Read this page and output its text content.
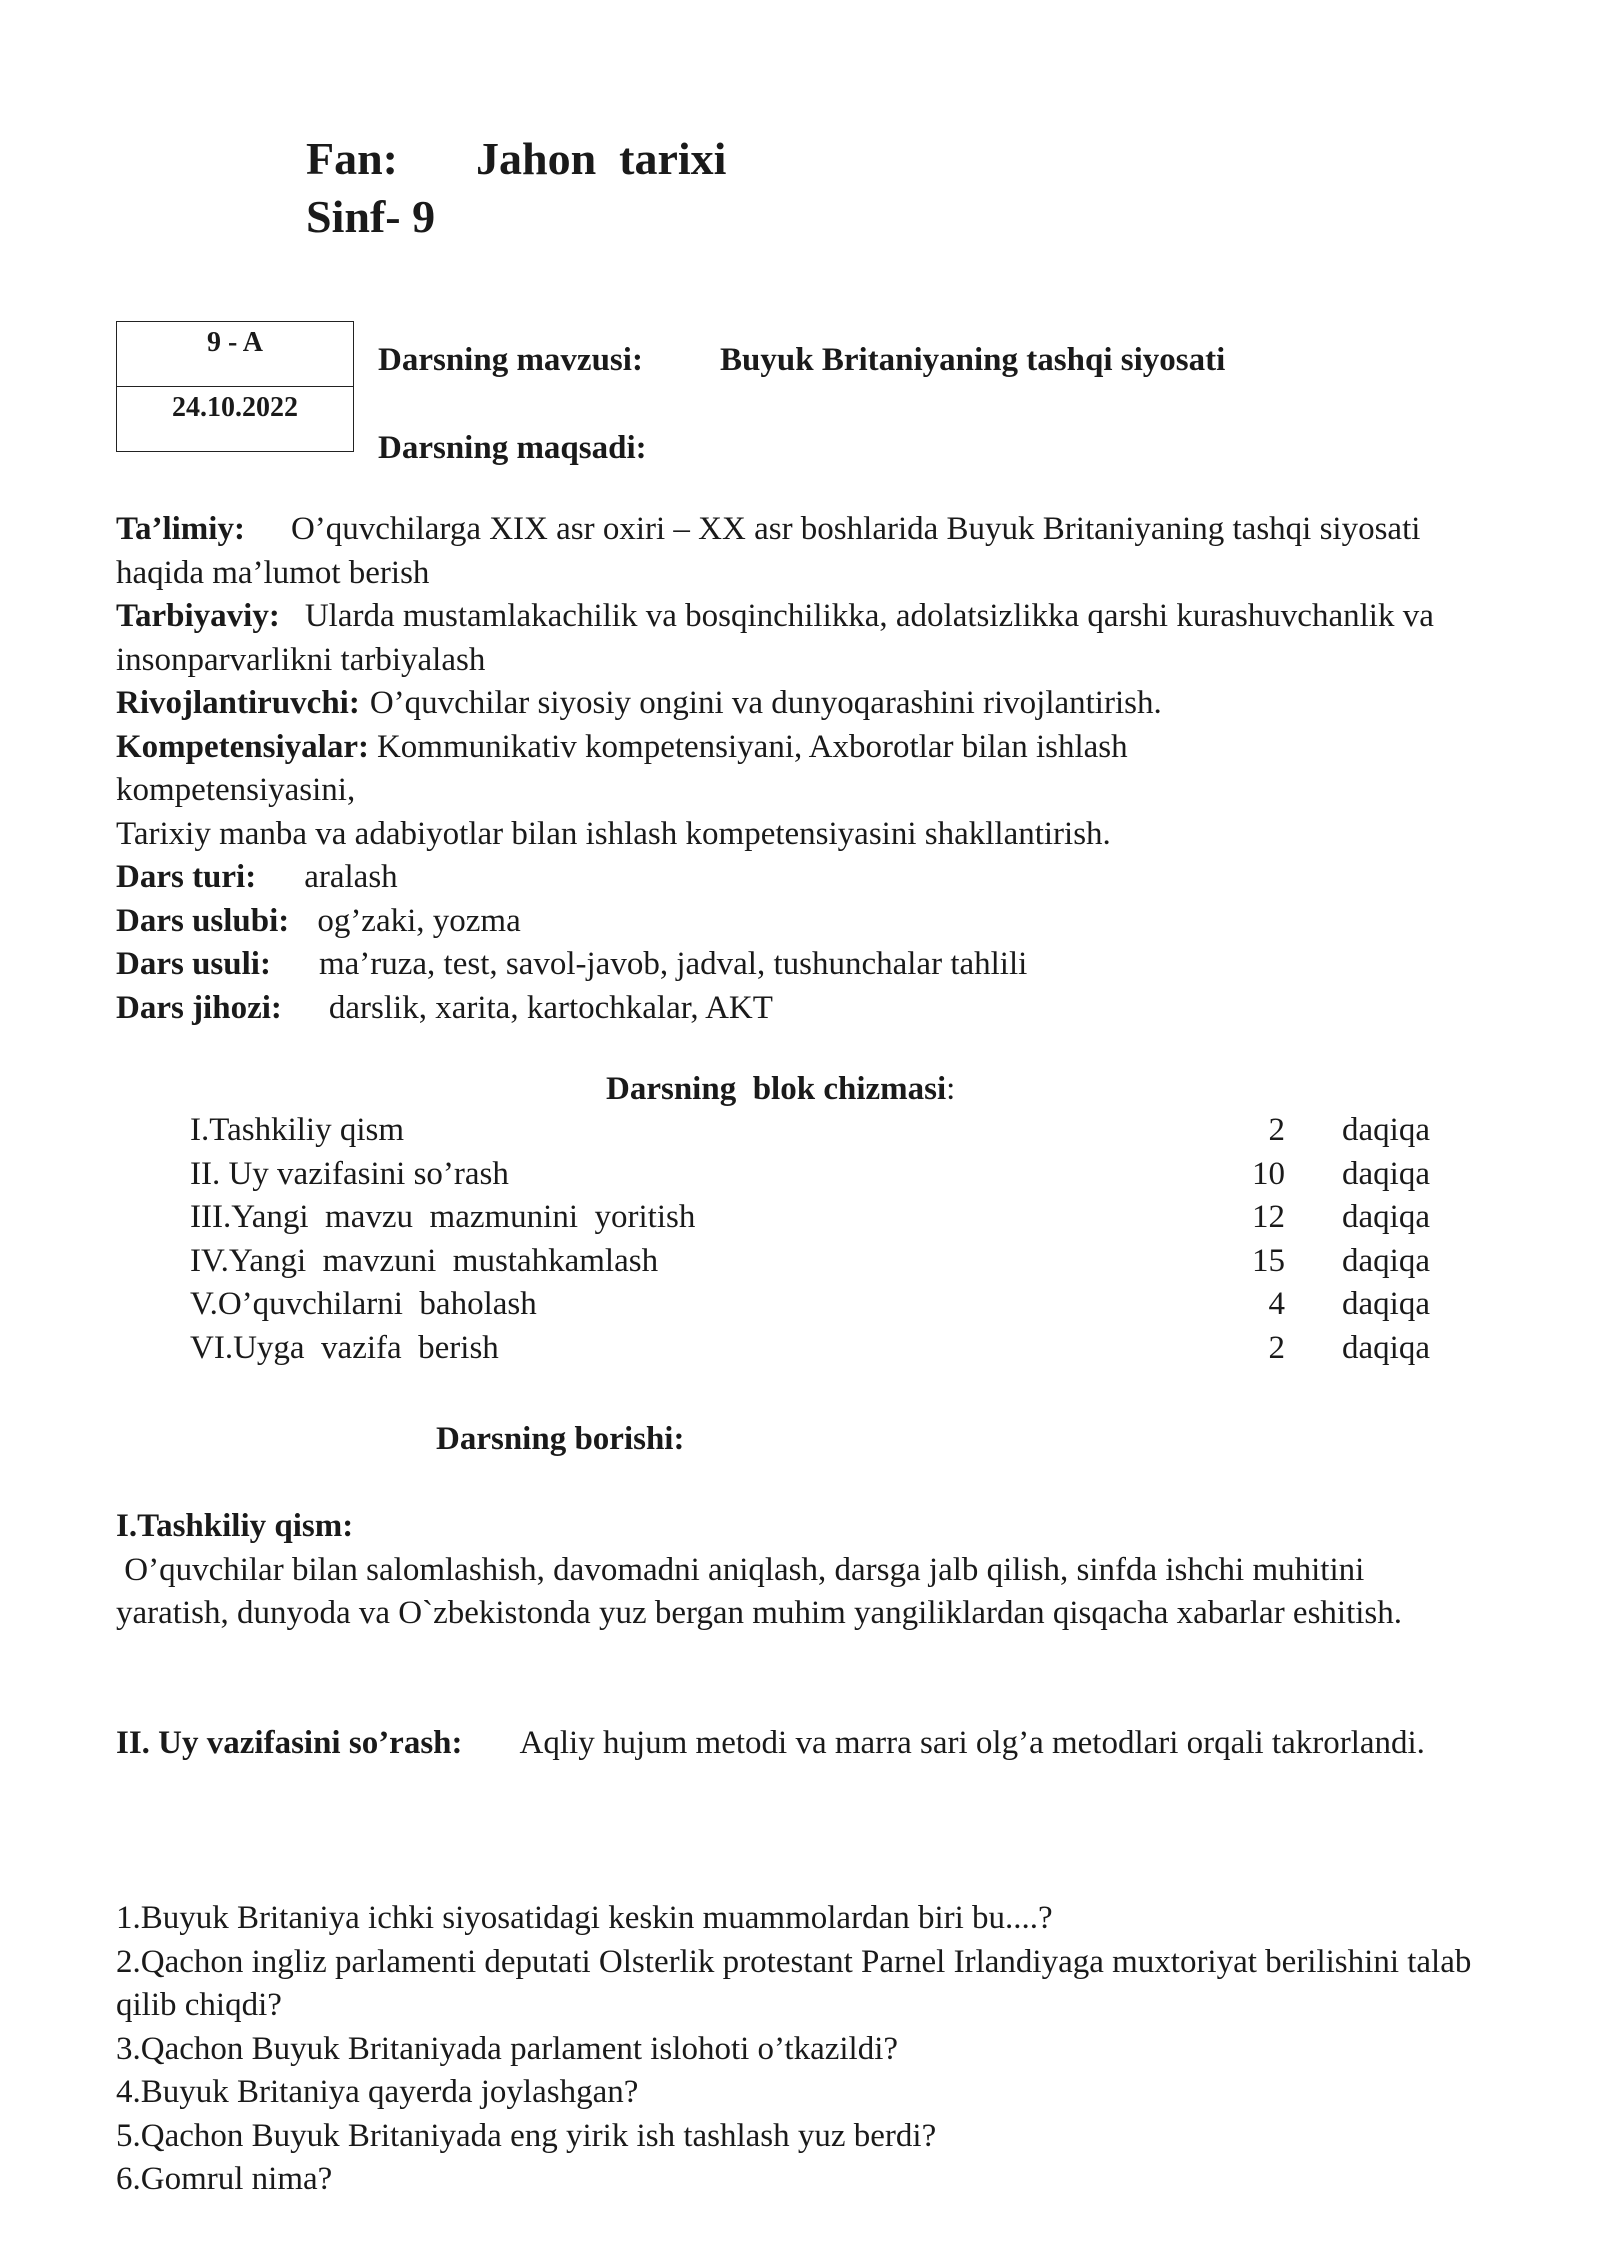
Fan: Jahon  tarixi
Sinf- 9
9 - A
24.10.2022
Darsning mavzusi: Buyuk Britaniyaning tashqi siyosati
Darsning maqsadi:

Ta’limiy: O’quvchilarga XIX asr oxiri – XX asr boshlarida Buyuk Britaniyaning tashqi siyosati haqida ma’lumot berish

Tarbiyaviy: Ularda mustamlakachilik va bosqinchilikka, adolatsizlikka qarshi kurashuvchanlik va insonparvarlikni tarbiyalash

Rivojlantiruvchi: O’quvchilar siyosiy ongini va dunyoqarashini rivojlantirish.

Kompetensiyalar: Kommunikativ kompetensiyani, Axborotlar bilan ishlash kompetensiyasini,

Tarixiy manba va adabiyotlar bilan ishlash kompetensiyasini shakllantirish.

Dars turi: aralash

Dars uslubi: og’zaki, yozma

Dars usuli: ma’ruza, test, savol-javob, jadval, tushunchalar tahlili

Dars jihozi: darslik, xarita, kartochkalar, AKT

Darsning  blok chizmasi:
I.Tashkiliy qism	2	daqiqa
II. Uy vazifasini so’rash	10	daqiqa
III.Yangi  mavzu  mazmunini  yoritish	12	daqiqa
IV.Yangi  mavzuni  mustahkamlash	15	daqiqa
V.O’quvchilarni  baholash	4	daqiqa
VI.Uyga  vazifa  berish	2	daqiqa
Darsning borishi:

I.Tashkiliy qism:

O’quvchilar bilan salomlashish, davomadni aniqlash, darsga jalb qilish, sinfda ishchi muhitini yaratish, dunyoda va O`zbekistonda yuz bergan muhim yangiliklardan qisqacha xabarlar eshitish.

II. Uy vazifasini so’rash: Aqliy hujum metodi va marra sari olg’a metodlari orqali takrorlandi.

1.Buyuk Britaniya ichki siyosatidagi keskin muammolardan biri bu....?

2.Qachon ingliz parlamenti deputati Olsterlik protestant Parnel Irlandiyaga muxtoriyat berilishini talab qilib chiqdi?

3.Qachon Buyuk Britaniyada parlament islohoti o’tkazildi?

4.Buyuk Britaniya qayerda joylashgan?

5.Qachon Buyuk Britaniyada eng yirik ish tashlash yuz berdi?

6.Gomrul nima?
